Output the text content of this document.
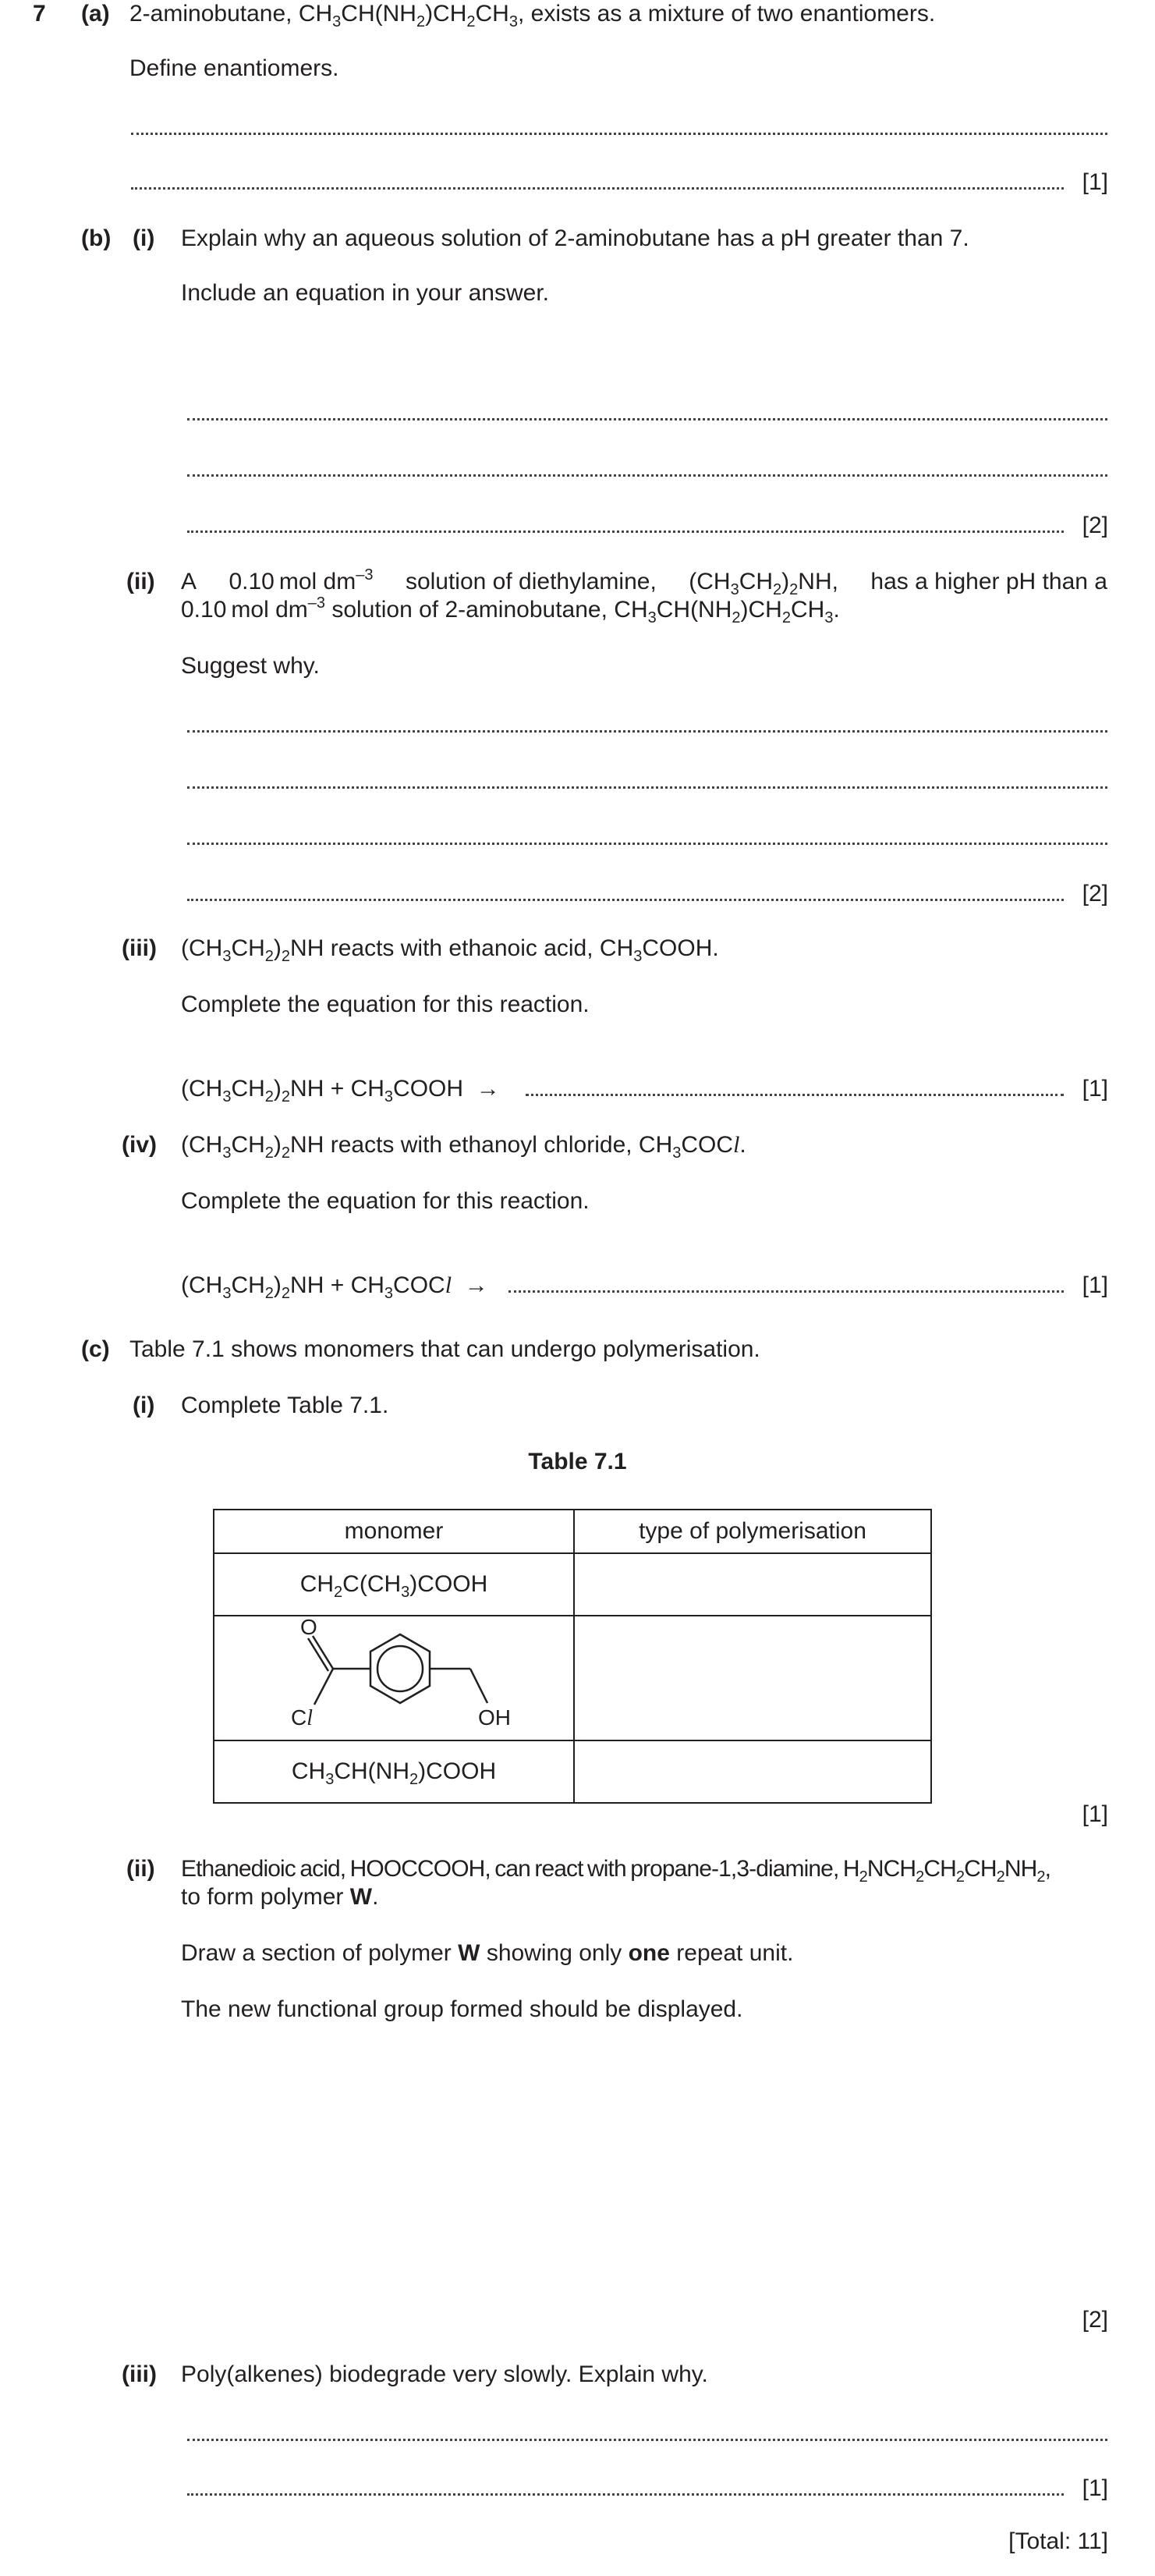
7 (a) 2-aminobutane, $CH_3CH(NH_2)CH_2CH_3$, exists as a mixture of two enantiomers.
Define enantiomers.
[1]
(b) (i) Explain why an aqueous solution of 2-aminobutane has a pH greater than 7.
Include an equation in your answer.
[2]
(ii) A 0.10  mol $dm^{-3}$ solution of diethylamine, $(CH_3CH_2)_2NH$, has a higher pH than a
0.10  mol $dm^{-3}$ solution of 2-aminobutane, $CH_3CH(NH_2)CH_2CH_3$.
Suggest why.
[2]
(iii) $(CH_3CH_2)_2NH$ reacts with ethanoic acid, $CH_3COOH$.
Complete the equation for this reaction.
$(CH_3CH_2)_2NH$ + $CH_3COOH$  →	[1]
(iv) $(CH_3CH_2)_2NH$ reacts with ethanoyl chloride, $CH_3COCl$.
Complete the equation for this reaction.
$(CH_3CH_2)_2NH$ + $CH_3COCl$  →	[1]
(c) Table 7.1 shows monomers that can undergo polymerisation.
(i) Complete Table 7.1.
Table 7.1
monomer	type of polymerisation
$CH_2C(CH_3)COOH$	

O
Cl OH	

$CH_3CH(NH_2)COOH$	
[1]
(ii) Ethanedioic acid, HOOCCOOH, can react with propane-1,3-diamine, $H_2NCH_2CH_2CH_2NH_2$,
to form polymer W.
Draw a section of polymer W showing only one repeat unit.
The new functional group formed should be displayed.
[2]
(iii) Poly(alkenes) biodegrade very slowly. Explain why.
[1]
[Total: 11]
